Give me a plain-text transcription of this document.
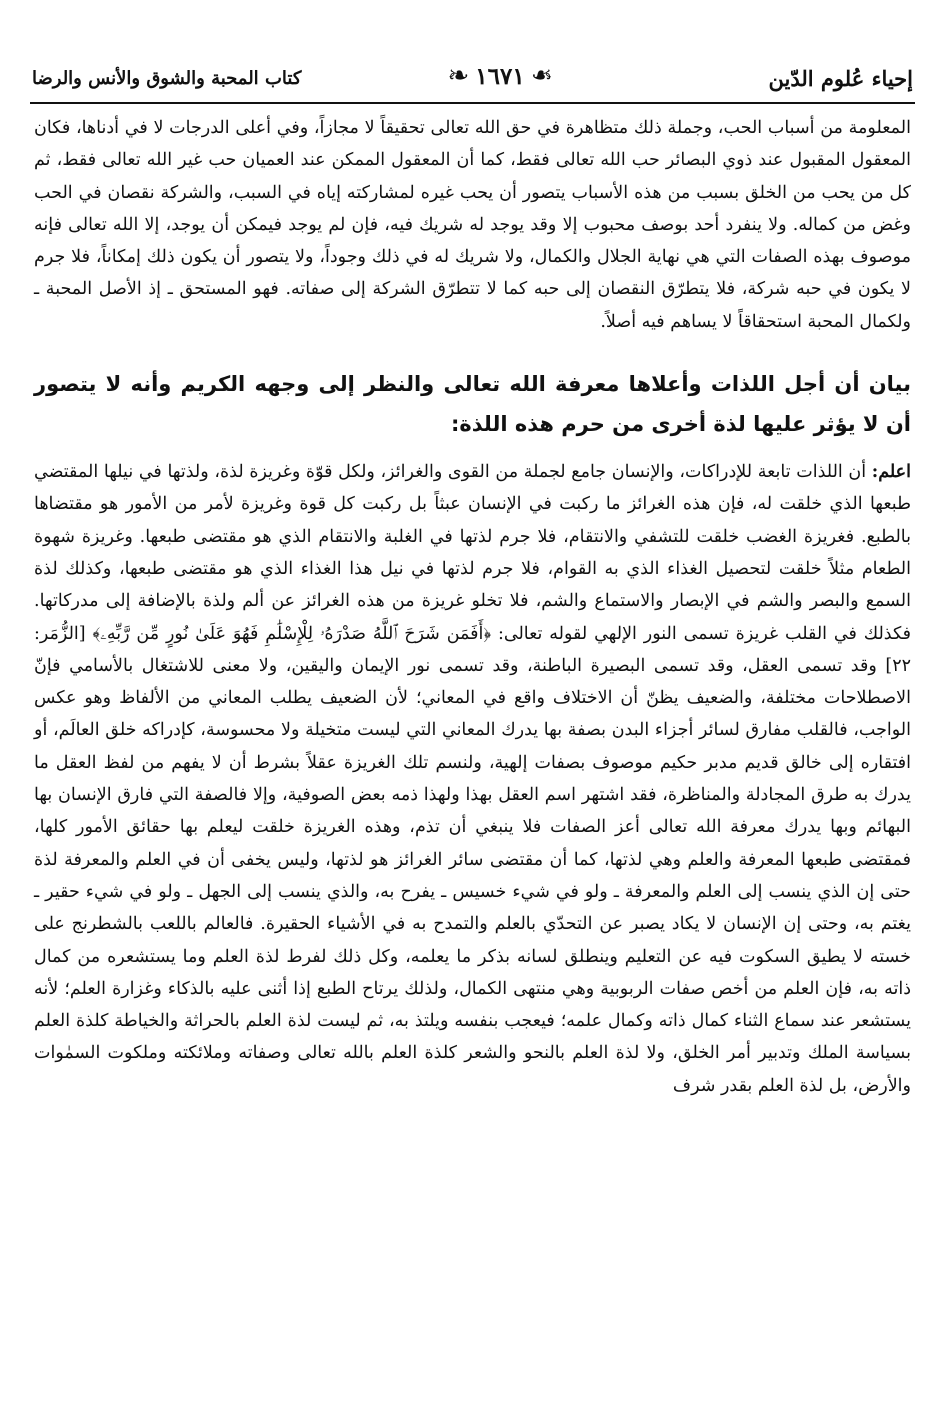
إحياء عُلوم الدّين
❧ ١٦٧١ ❧
كتاب المحبة والشوق والأنس والرضا

المعلومة من أسباب الحب، وجملة ذلك متظاهرة في حق الله تعالى تحقيقاً لا مجازاً، وفي أعلى الدرجات لا في أدناها، فكان المعقول المقبول عند ذوي البصائر حب الله تعالى فقط، كما أن المعقول الممكن عند العميان حب غير الله تعالى فقط، ثم كل من يحب من الخلق بسبب من هذه الأسباب يتصور أن يحب غيره لمشاركته إياه في السبب، والشركة نقصان في الحب وغض من كماله. ولا ينفرد أحد بوصف محبوب إلا وقد يوجد له شريك فيه، فإن لم يوجد فيمكن أن يوجد، إلا الله تعالى فإنه موصوف بهذه الصفات التي هي نهاية الجلال والكمال، ولا شريك له في ذلك وجوداً، ولا يتصور أن يكون ذلك إمكاناً، فلا جرم لا يكون في حبه شركة، فلا يتطرّق النقصان إلى حبه كما لا تتطرّق الشركة إلى صفاته. فهو المستحق ـ إذ الأصل المحبة ـ ولكمال المحبة استحقاقاً لا يساهم فيه أصلاً.

بيان أن أجل اللذات وأعلاها معرفة الله تعالى والنظر إلى وجهه الكريم وأنه لا يتصور أن لا يؤثر عليها لذة أخرى من حرم هذه اللذة:

اعلم: أن اللذات تابعة للإدراكات، والإنسان جامع لجملة من القوى والغرائز، ولكل قوّة وغريزة لذة، ولذتها في نيلها المقتضي طبعها الذي خلقت له، فإن هذه الغرائز ما ركبت في الإنسان عبثاً بل ركبت كل قوة وغريزة لأمر من الأمور هو مقتضاها بالطبع. فغريزة الغضب خلقت للتشفي والانتقام، فلا جرم لذتها في الغلبة والانتقام الذي هو مقتضى طبعها. وغريزة شهوة الطعام مثلاً خلقت لتحصيل الغذاء الذي به القوام، فلا جرم لذتها في نيل هذا الغذاء الذي هو مقتضى طبعها، وكذلك لذة السمع والبصر والشم في الإبصار والاستماع والشم، فلا تخلو غريزة من هذه الغرائز عن ألم ولذة بالإضافة إلى مدركاتها. فكذلك في القلب غريزة تسمى النور الإلهي لقوله تعالى: ﴿أَفَمَن شَرَحَ ٱللَّهُ صَدْرَهُۥ لِلْإِسْلَٰمِ فَهُوَ عَلَىٰ نُورٍ مِّن رَّبِّهِۦ﴾ [الزُّمَر: ٢٢] وقد تسمى العقل، وقد تسمى البصيرة الباطنة، وقد تسمى نور الإيمان واليقين، ولا معنى للاشتغال بالأسامي فإنّ الاصطلاحات مختلفة، والضعيف يظنّ أن الاختلاف واقع في المعاني؛ لأن الضعيف يطلب المعاني من الألفاظ وهو عكس الواجب، فالقلب مفارق لسائر أجزاء البدن بصفة بها يدرك المعاني التي ليست متخيلة ولا محسوسة، كإدراكه خلق العالَم، أو افتقاره إلى خالق قديم مدبر حكيم موصوف بصفات إلهية، ولنسم تلك الغريزة عقلاً بشرط أن لا يفهم من لفظ العقل ما يدرك به طرق المجادلة والمناظرة، فقد اشتهر اسم العقل بهذا ولهذا ذمه بعض الصوفية، وإلا فالصفة التي فارق الإنسان بها البهائم وبها يدرك معرفة الله تعالى أعز الصفات فلا ينبغي أن تذم، وهذه الغريزة خلقت ليعلم بها حقائق الأمور كلها، فمقتضى طبعها المعرفة والعلم وهي لذتها، كما أن مقتضى سائر الغرائز هو لذتها، وليس يخفى أن في العلم والمعرفة لذة حتى إن الذي ينسب إلى العلم والمعرفة ـ ولو في شيء خسيس ـ يفرح به، والذي ينسب إلى الجهل ـ ولو في شيء حقير ـ يغتم به، وحتى إن الإنسان لا يكاد يصبر عن التحدّي بالعلم والتمدح به في الأشياء الحقيرة. فالعالم باللعب بالشطرنج على خسته لا يطيق السكوت فيه عن التعليم وينطلق لسانه بذكر ما يعلمه، وكل ذلك لفرط لذة العلم وما يستشعره من كمال ذاته به، فإن العلم من أخص صفات الربوبية وهي منتهى الكمال، ولذلك يرتاح الطبع إذا أثنى عليه بالذكاء وغزارة العلم؛ لأنه يستشعر عند سماع الثناء كمال ذاته وكمال علمه؛ فيعجب بنفسه ويلتذ به، ثم ليست لذة العلم بالحراثة والخياطة كلذة العلم بسياسة الملك وتدبير أمر الخلق، ولا لذة العلم بالنحو والشعر كلذة العلم بالله تعالى وصفاته وملائكته وملكوت السمٰوات والأرض، بل لذة العلم بقدر شرف
